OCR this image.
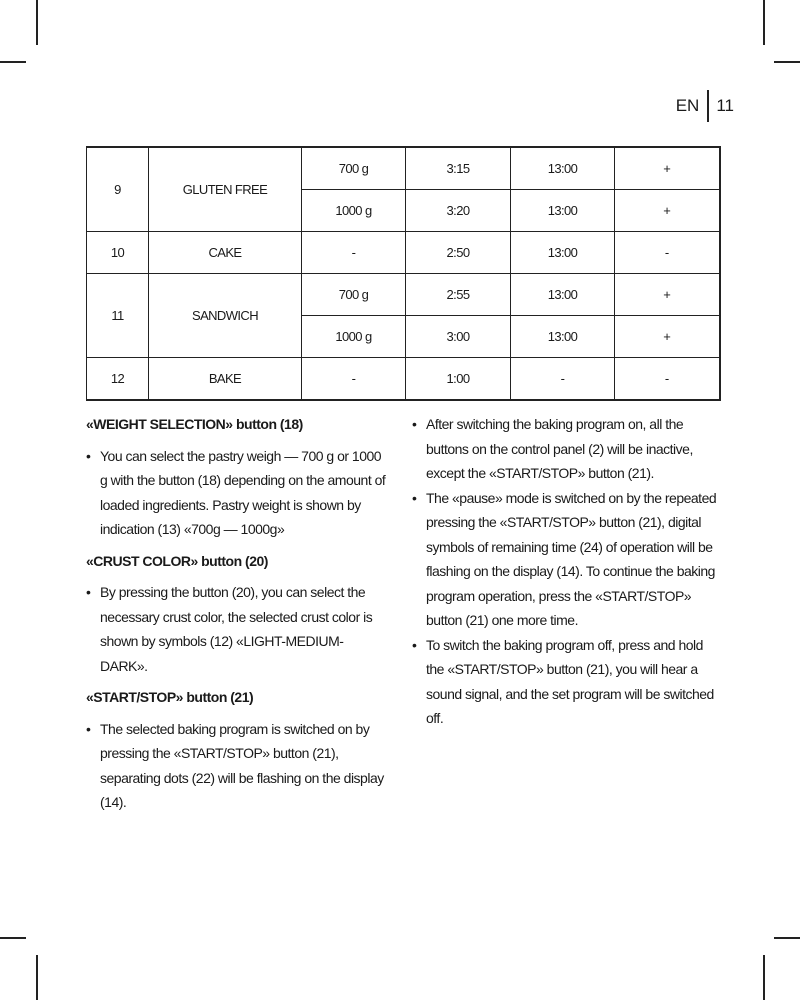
EN	11
9	GLUTEN FREE	700 g	3:15	13:00	+
		1000 g	3:20	13:00	+
10	CAKE	-	2:50	13:00	-
11	SANDWICH	700 g	2:55	13:00	+
		1000 g	3:00	13:00	+
12	BAKE	-	1:00	-	-
«WEIGHT SELECTION» button (18)
• You can select the pastry weigh — 700 g or 1000 g with the button (18) depending on the amount of loaded ingredients. Pastry weight is shown by indication (13) «700g — 1000g»
«CRUST COLOR» button (20)
• By pressing the button (20), you can select the necessary crust color, the selected crust color is shown by symbols (12) «LIGHT-MEDIUM-DARK».
«START/STOP» button (21)
• The selected baking program is switched on by pressing the «START/STOP» button (21), separating dots (22) will be flashing on the display (14).
• After switching the baking program on, all the buttons on the control panel (2) will be inactive, except the «START/STOP» button (21).
• The «pause» mode is switched on by the repeated pressing the «START/STOP» button (21), digital symbols of remaining time (24) of operation will be flashing on the display (14). To continue the baking program operation, press the «START/STOP» button (21) one more time.
• To switch the baking program off, press and hold the «START/STOP» button (21), you will hear a sound signal, and the set program will be switched off.
